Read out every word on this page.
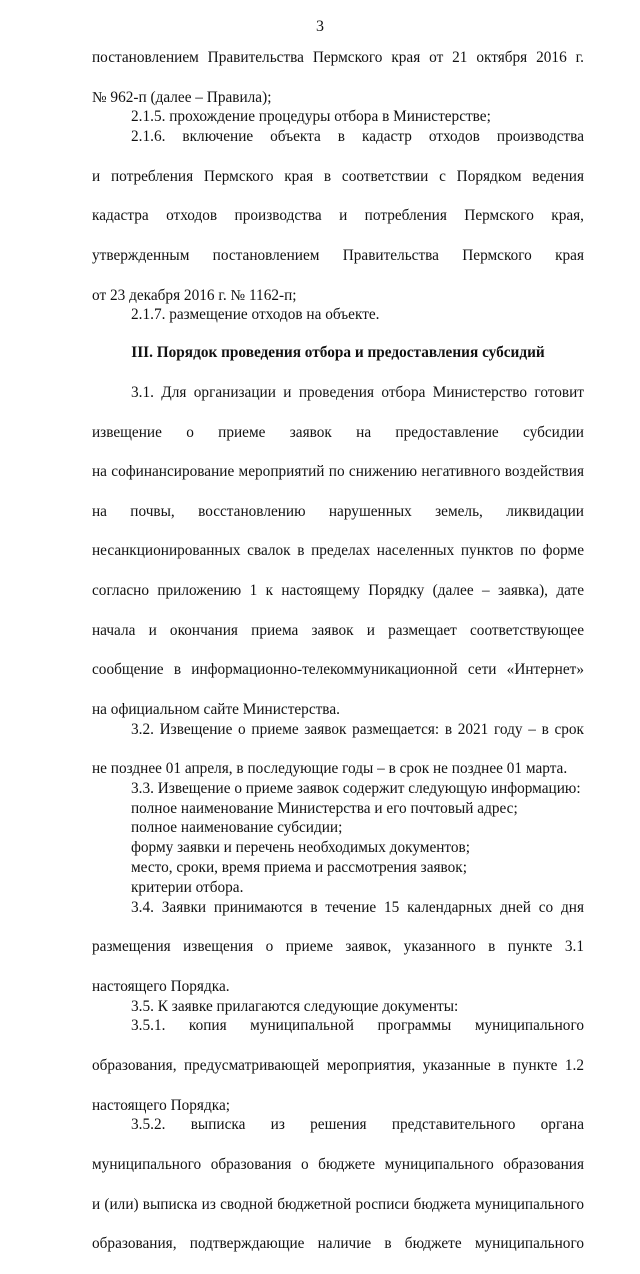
3

постановлением Правительства Пермского края от 21 октября 2016 г.

№ 962-п (далее – Правила);

2.1.5. прохождение процедуры отбора в Министерстве;

2.1.6. включение объекта в кадастр отходов производства

и потребления Пермского края в соответствии с Порядком ведения

кадастра отходов производства и потребления Пермского края,

утвержденным постановлением Правительства Пермского края

от 23 декабря 2016 г. № 1162-п;

2.1.7. размещение отходов на объекте.

III. Порядок проведения отбора и предоставления субсидий

3.1. Для организации и проведения отбора Министерство готовит

извещение о приеме заявок на предоставление субсидии

на софинансирование мероприятий по снижению негативного воздействия

на почвы, восстановлению нарушенных земель, ликвидации

несанкционированных свалок в пределах населенных пунктов по форме

согласно приложению 1 к настоящему Порядку (далее – заявка), дате

начала и окончания приема заявок и размещает соответствующее

сообщение в информационно-телекоммуникационной сети «Интернет»

на официальном сайте Министерства.

3.2. Извещение о приеме заявок размещается: в 2021 году – в срок

не позднее 01 апреля, в последующие годы – в срок не позднее 01 марта.

3.3. Извещение о приеме заявок содержит следующую информацию:

полное наименование Министерства и его почтовый адрес;

полное наименование субсидии;

форму заявки и перечень необходимых документов;

место, сроки, время приема и рассмотрения заявок;

критерии отбора.

3.4. Заявки принимаются в течение 15 календарных дней со дня

размещения извещения о приеме заявок, указанного в пункте 3.1

настоящего Порядка.

3.5. К заявке прилагаются следующие документы:

3.5.1. копия муниципальной программы муниципального

образования, предусматривающей мероприятия, указанные в пункте 1.2

настоящего Порядка;

3.5.2. выписка из решения представительного органа

муниципального образования о бюджете муниципального образования

и (или) выписка из сводной бюджетной росписи бюджета муниципального

образования, подтверждающие наличие в бюджете муниципального
